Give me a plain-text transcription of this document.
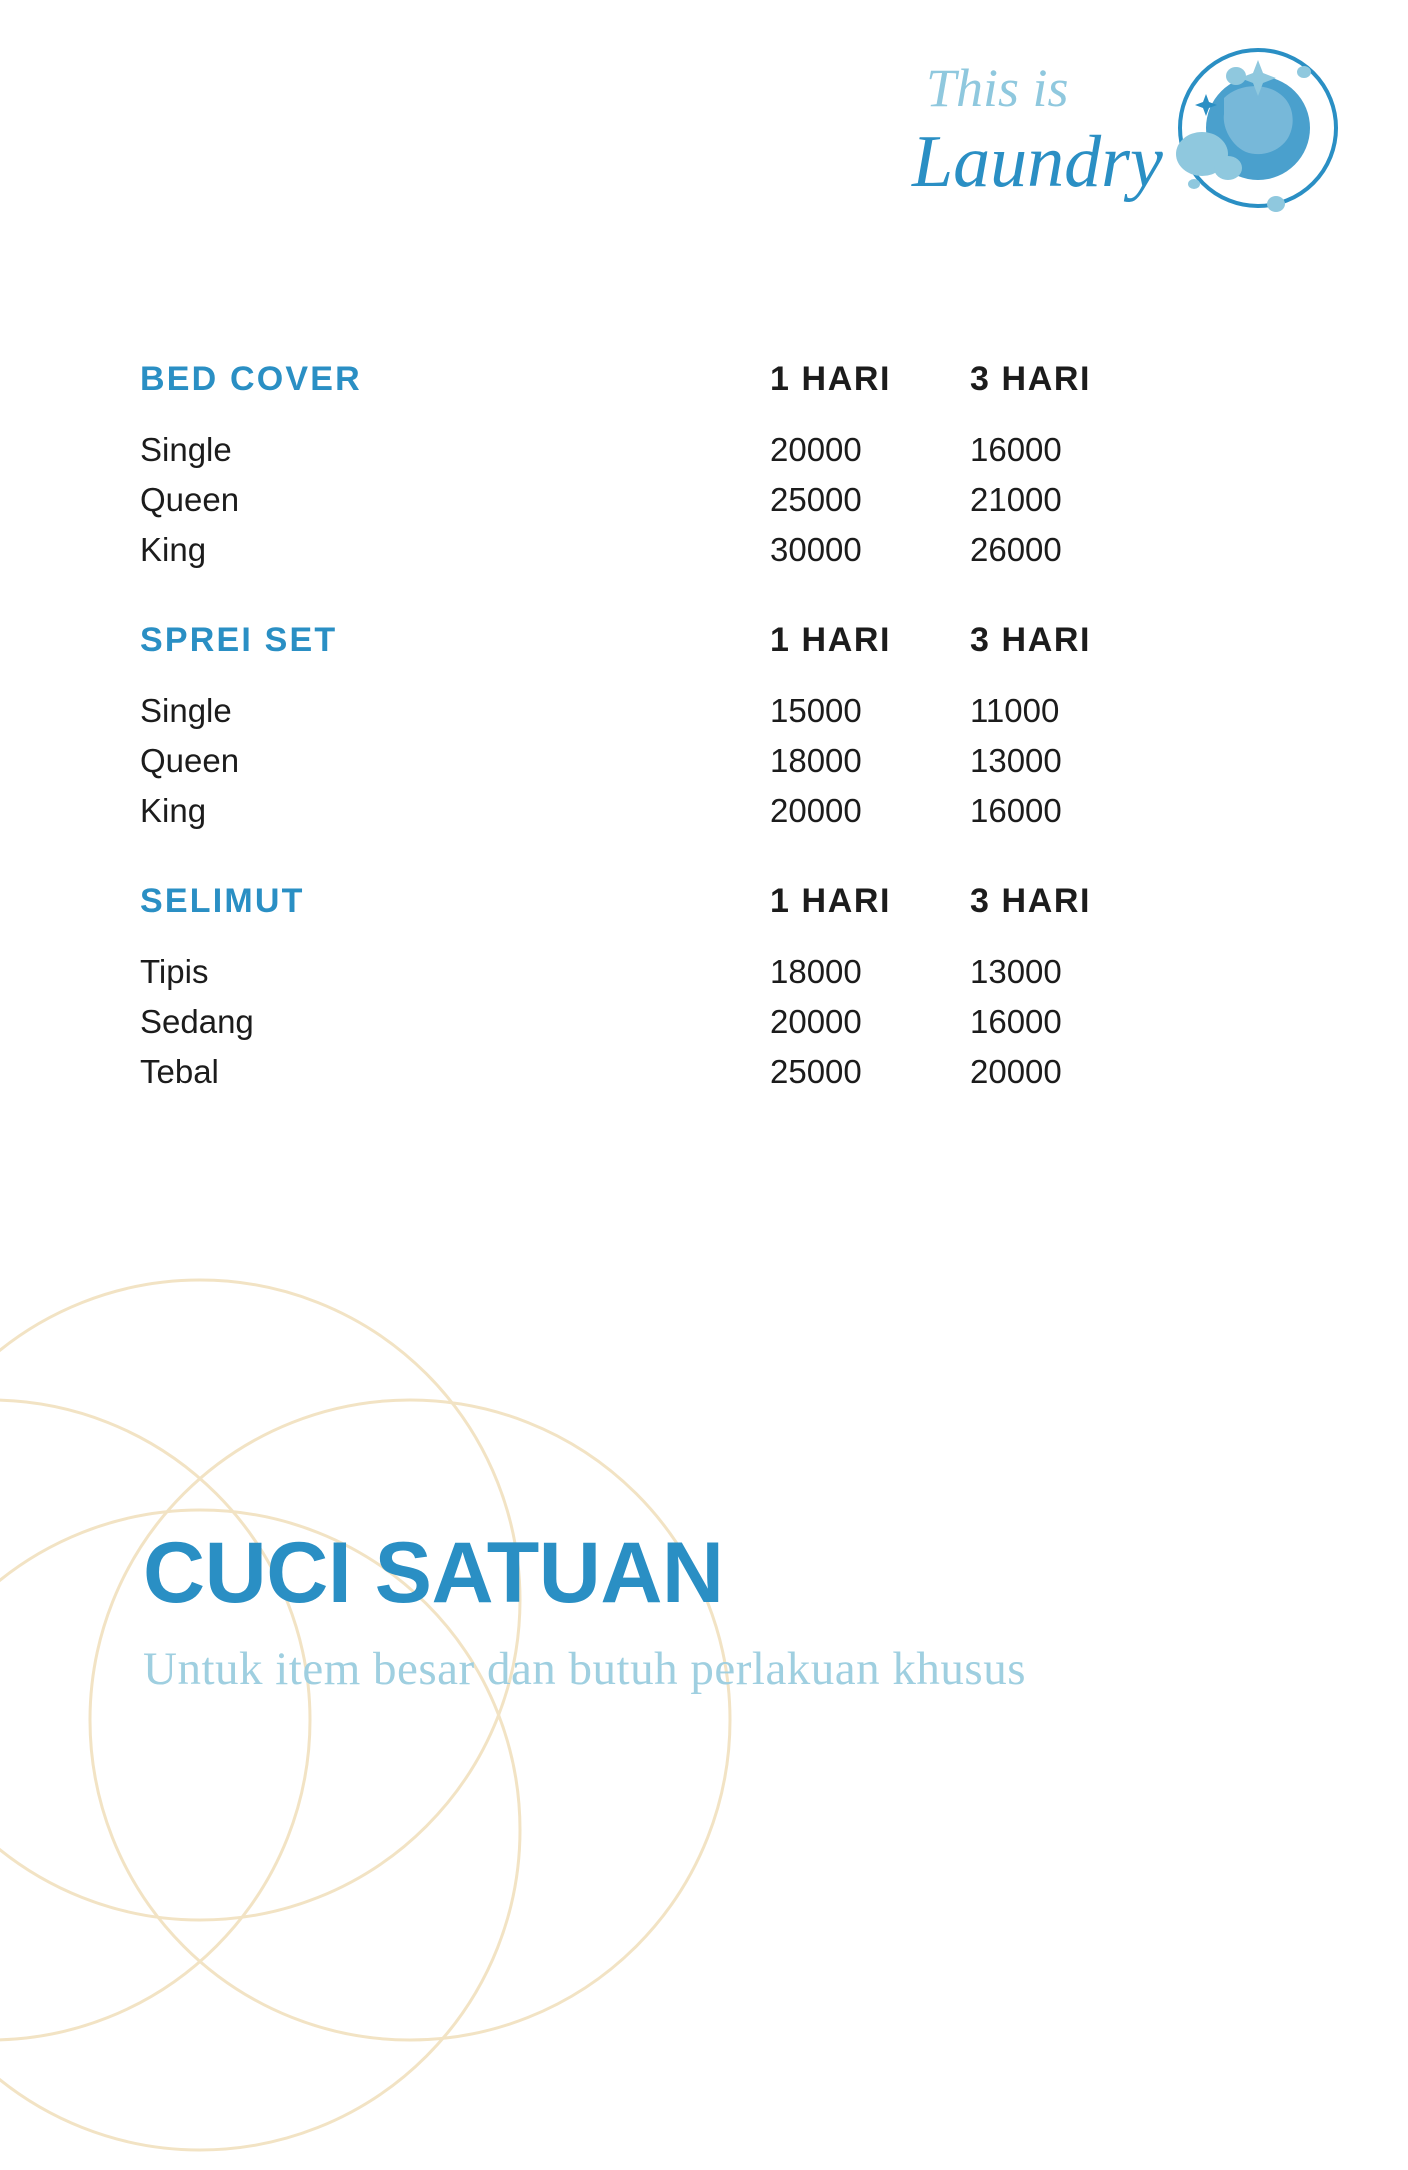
This is
Laundry
BED COVER	1 HARI	3 HARI
Single	20000	16000
Queen	25000	21000
King	30000	26000
SPREI SET	1 HARI	3 HARI
Single	15000	11000
Queen	18000	13000
King	20000	16000
SELIMUT	1 HARI	3 HARI
Tipis	18000	13000
Sedang	20000	16000
Tebal	25000	20000
CUCI SATUAN

Untuk item besar dan butuh perlakuan khusus
